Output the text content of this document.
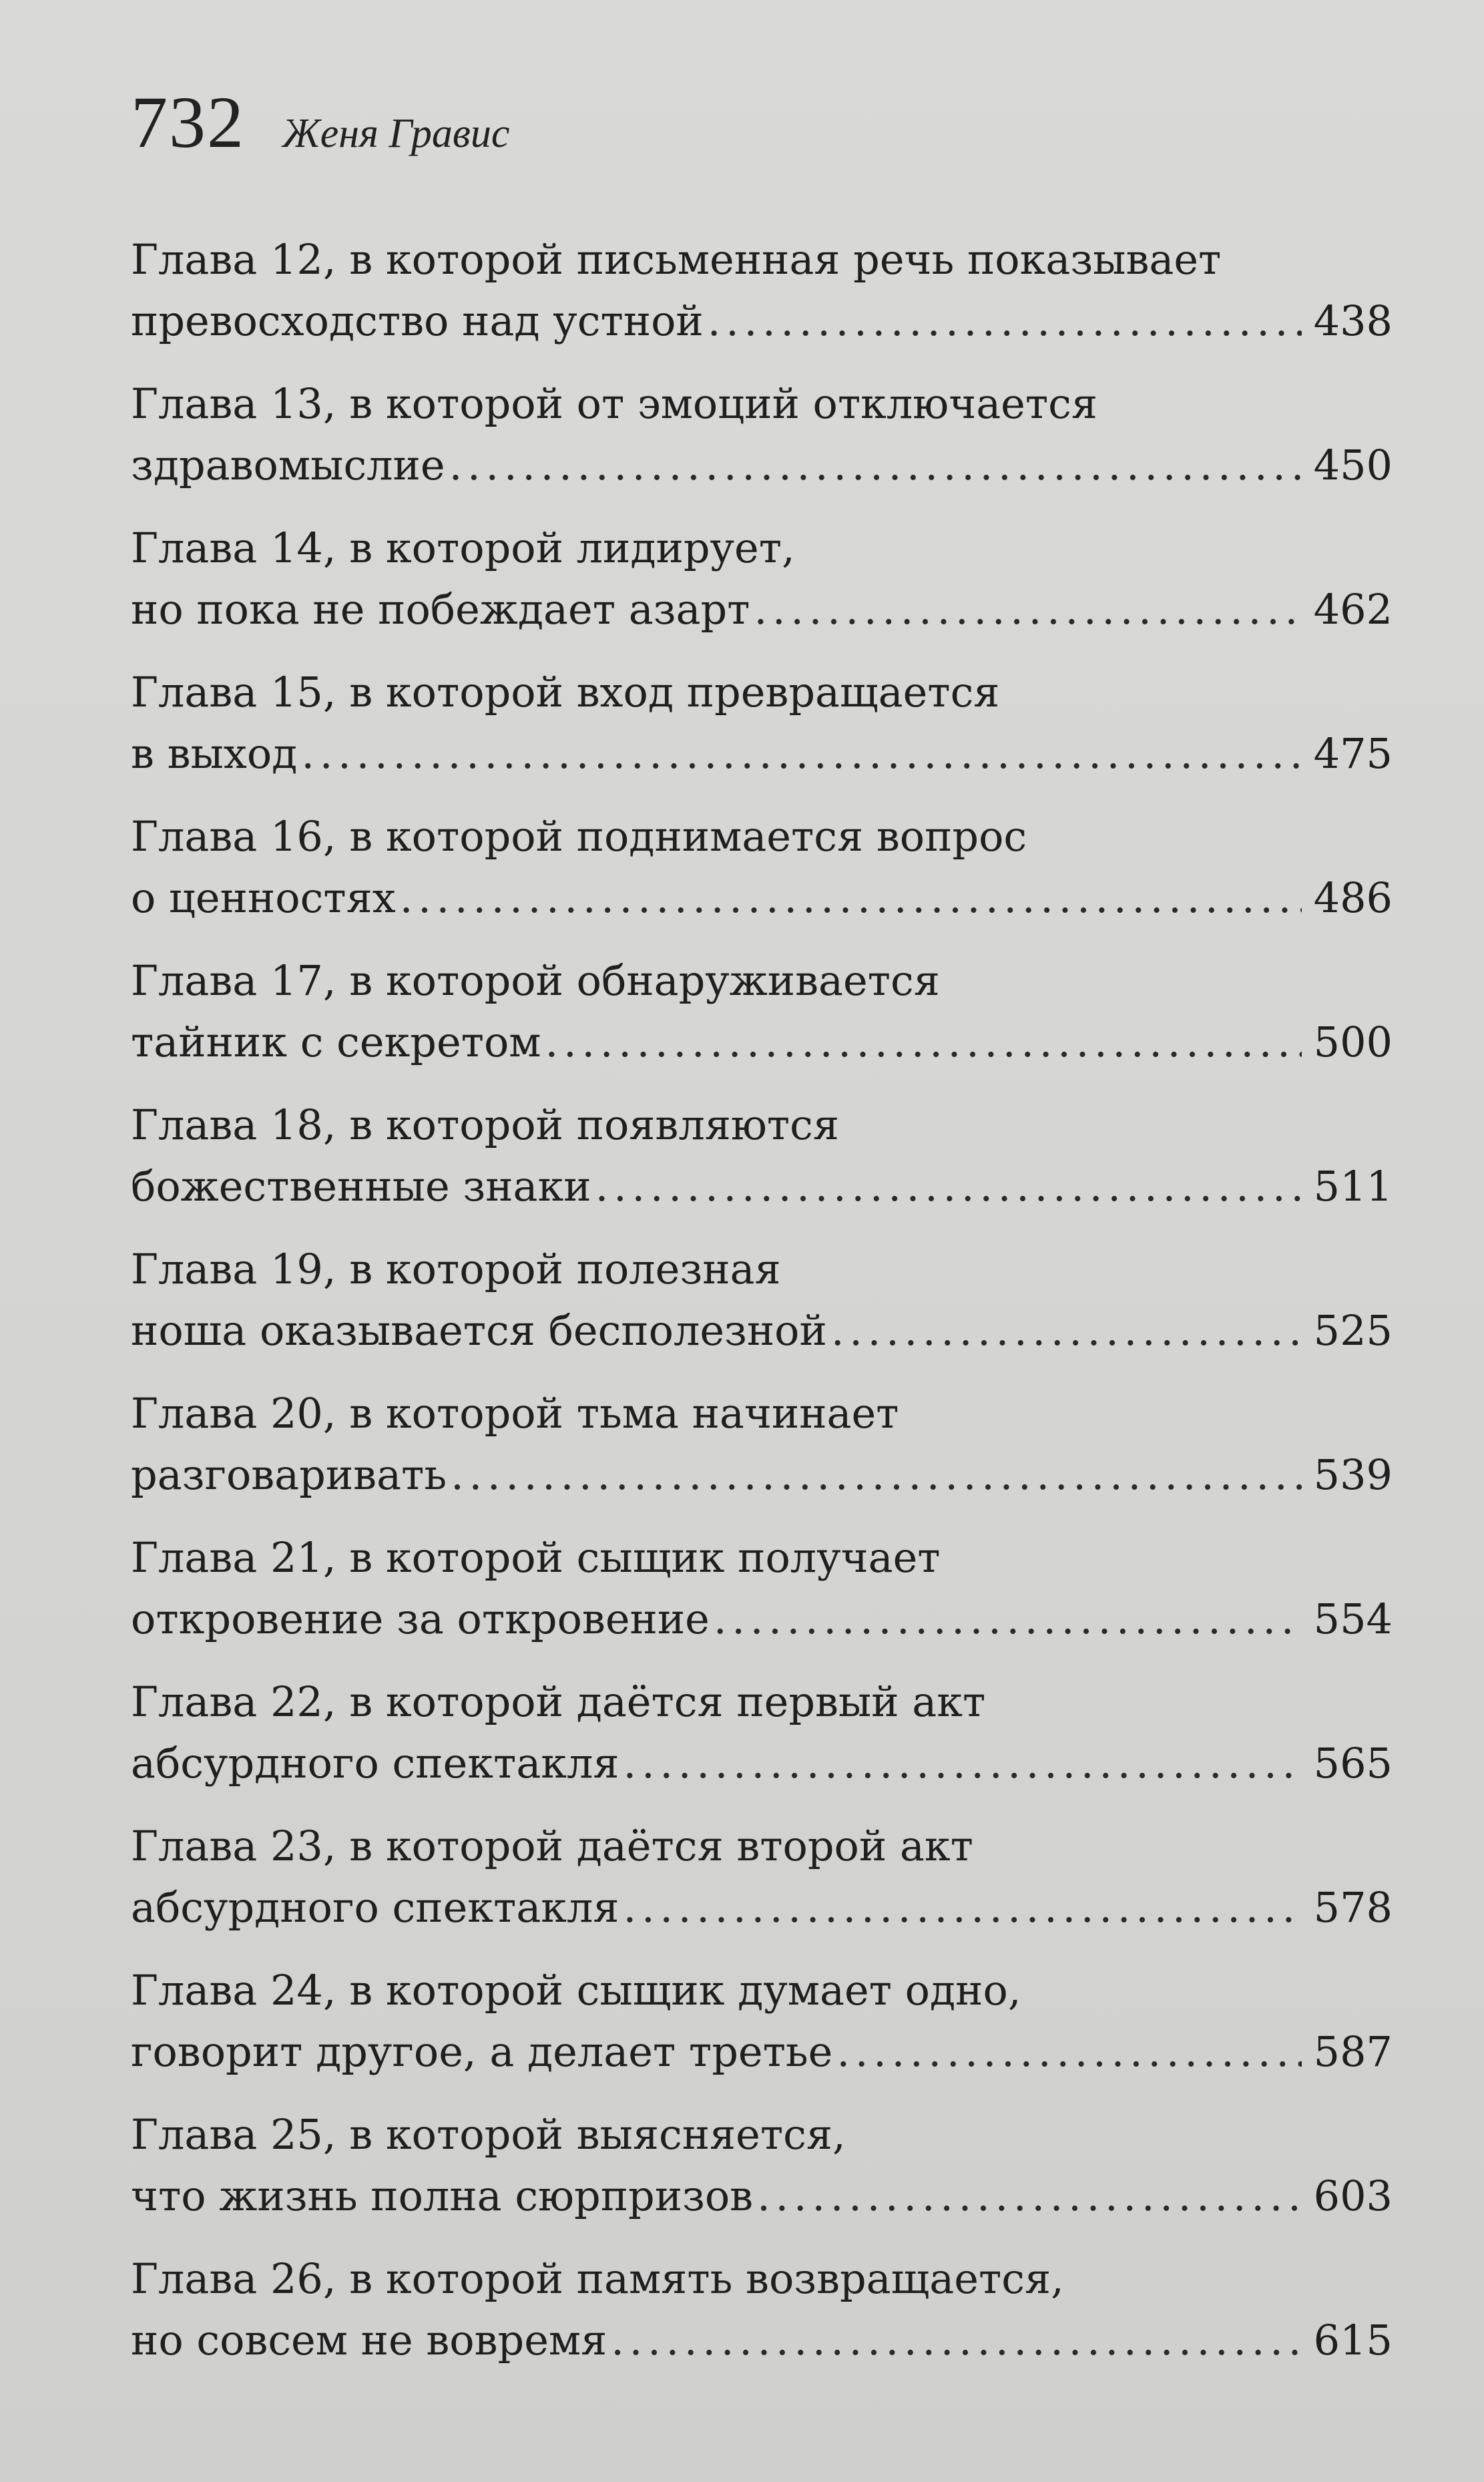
732 Женя Гравис
Глава 12, в которой письменная речь показывает
превосходство над устной . . .	438
Глава 13, в которой от эмоций отключается
здравомыслие . . .	450
Глава 14, в которой лидирует,
но пока не побеждает азарт . . .	462
Глава 15, в которой вход превращается
в выход . . .	475
Глава 16, в которой поднимается вопрос
о ценностях . . .	486
Глава 17, в которой обнаруживается
тайник с секретом . . .	500
Глава 18, в которой появляются
божественные знаки . . .	511
Глава 19, в которой полезная
ноша оказывается бесполезной . . .	525
Глава 20, в которой тьма начинает
разговаривать . . .	539
Глава 21, в которой сыщик получает
откровение за откровение . . .	554
Глава 22, в которой даётся первый акт
абсурдного спектакля . . .	565
Глава 23, в которой даётся второй акт
абсурдного спектакля . . .	578
Глава 24, в которой сыщик думает одно,
говорит другое, а делает третье . . .	587
Глава 25, в которой выясняется,
что жизнь полна сюрпризов . . .	603
Глава 26, в которой память возвращается,
но совсем не вовремя . . .	615
